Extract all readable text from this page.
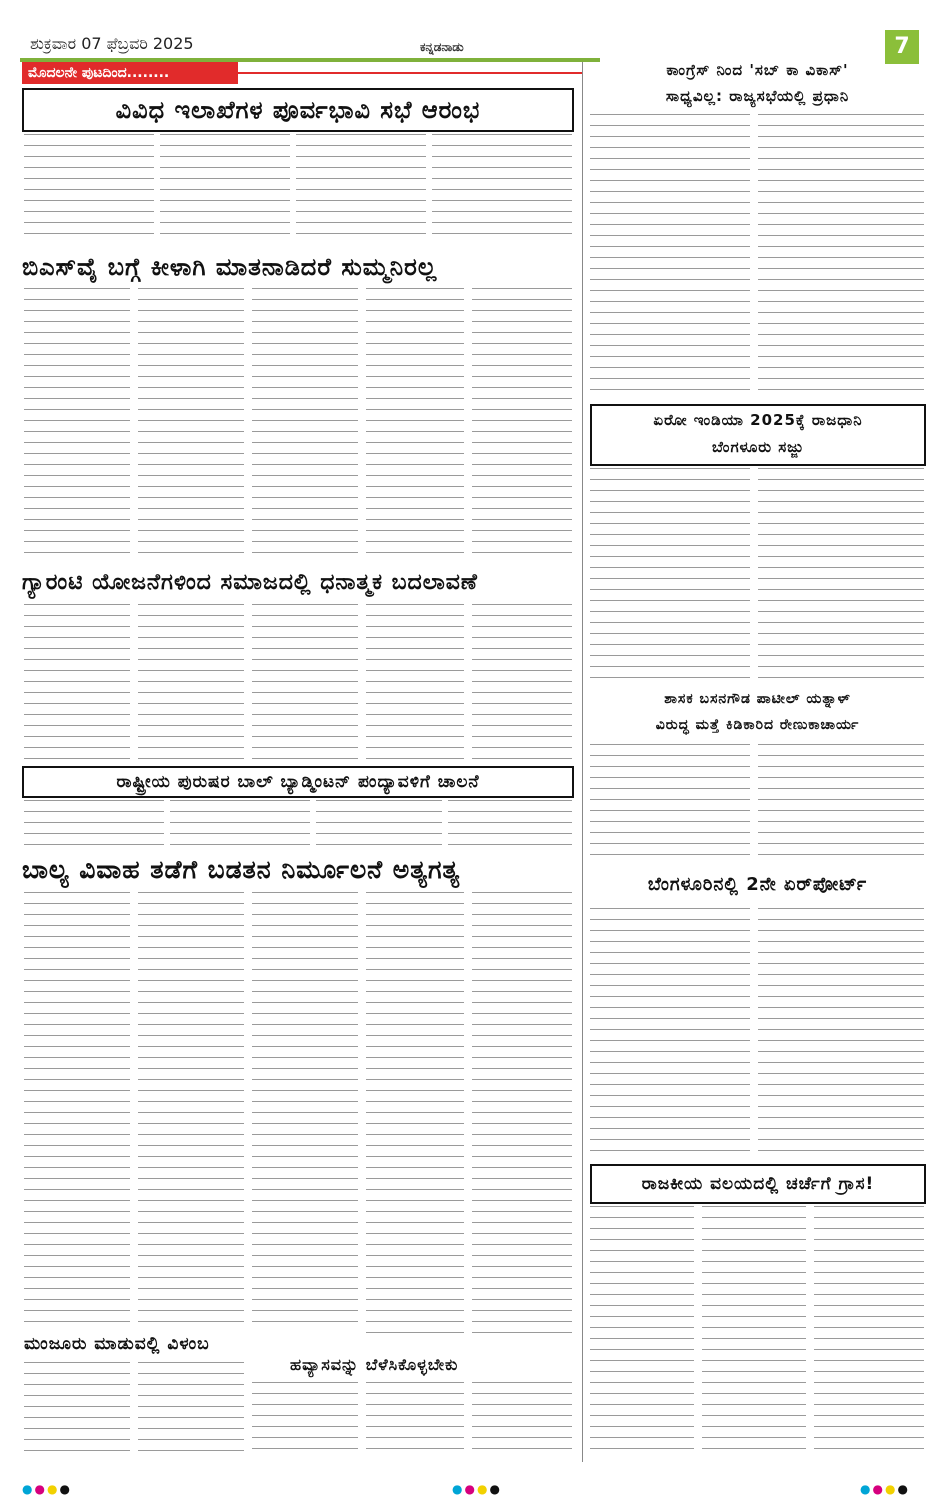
ಶುಕ್ರವಾರ 07 ಫೆಬ್ರವರಿ 2025	ಕನ್ನಡನಾಡು	7
ಮೊದಲನೇ ಪುಟದಿಂದ........
ವಿವಿಧ ಇಲಾಖೆಗಳ ಪೂರ್ವಭಾವಿ ಸಭೆ ಆರಂಭ
ಬಿಎಸ್‌ವೈ ಬಗ್ಗೆ ಕೀಳಾಗಿ ಮಾತನಾಡಿದರೆ ಸುಮ್ಮನಿರಲ್ಲ
ಗ್ಯಾರಂಟಿ ಯೋಜನೆಗಳಿಂದ ಸಮಾಜದಲ್ಲಿ ಧನಾತ್ಮಕ ಬದಲಾವಣೆ
ರಾಷ್ಟ್ರೀಯ ಪುರುಷರ ಬಾಲ್ ಬ್ಯಾಡ್ಮಿಂಟನ್ ಪಂದ್ಯಾವಳಿಗೆ ಚಾಲನೆ
ಬಾಲ್ಯ ವಿವಾಹ ತಡೆಗೆ ಬಡತನ ನಿರ್ಮೂಲನೆ ಅತ್ಯಗತ್ಯ
ಮಂಜೂರು ಮಾಡುವಲ್ಲಿ ವಿಳಂಬ
ಹವ್ಯಾಸವನ್ನು ಬೆಳೆಸಿಕೊಳ್ಳಬೇಕು
ಕಾಂಗ್ರೆಸ್ ನಿಂದ 'ಸಬ್ ಕಾ ವಿಕಾಸ್'
ಸಾಧ್ಯವಿಲ್ಲ: ರಾಜ್ಯಸಭೆಯಲ್ಲಿ ಪ್ರಧಾನಿ
ಏರೋ ಇಂಡಿಯಾ 2025ಕ್ಕೆ ರಾಜಧಾನಿ
ಬೆಂಗಳೂರು ಸಜ್ಜು
ಶಾಸಕ ಬಸನಗೌಡ ಪಾಟೀಲ್ ಯತ್ನಾಳ್
ವಿರುದ್ಧ ಮತ್ತೆ ಕಿಡಿಕಾರಿದ ರೇಣುಕಾಚಾರ್ಯ
ಬೆಂಗಳೂರಿನಲ್ಲಿ 2ನೇ ಏರ್‌ಪೋರ್ಟ್
ರಾಜಕೀಯ ವಲಯದಲ್ಲಿ ಚರ್ಚೆಗೆ ಗ್ರಾಸ!
●●●●	●●●●	●●●●
